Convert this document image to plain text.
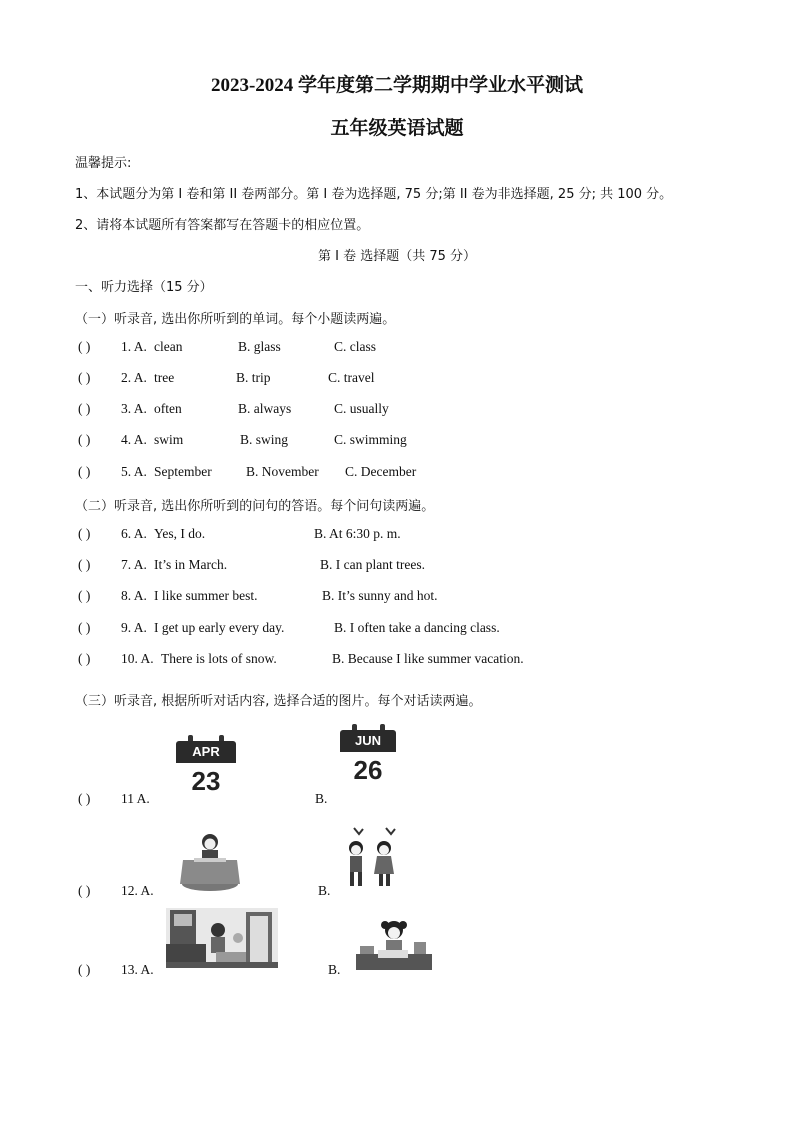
2023-2024 学年度第二学期期中学业水平测试
五年级英语试题
温馨提示:
1、本试题分为第 I 卷和第 II 卷两部分。第 I 卷为选择题, 75 分;第 II 卷为非选择题, 25 分; 共 100 分。
2、请将本试题所有答案都写在答题卡的相应位置。
第 I 卷 选择题（共 75 分）
一、听力选择（15 分）
（一）听录音, 选出你所听到的单词。每个小题读两遍。
( ) 1. A. clean	B. glass	C. class
( ) 2. A. tree	B. trip	C. travel
( ) 3. A. often	B. always	C. usually
( ) 4. A. swim	B. swing	C. swimming
( ) 5. A. September	B. November C. December
（二）听录音, 选出你所听到的问句的答语。每个问句读两遍。
( ) 6. A. Yes, I do.	B. At 6:30 p. m.
( ) 7. A. It’s in March.	B. I can plant trees.
( ) 8. A. I like summer best.	B. It’s sunny and hot.
( ) 9. A. I get up early every day.	B. I often take a dancing class.
( ) 10. A. There is lots of snow.	B. Because I like summer vacation.
（三）听录音, 根据所听对话内容, 选择合适的图片。每个对话读两遍。
( ) 11 A.
APR
23
B.
JUN
26
( ) 12. A.	B.
( ) 13. A.	B.
